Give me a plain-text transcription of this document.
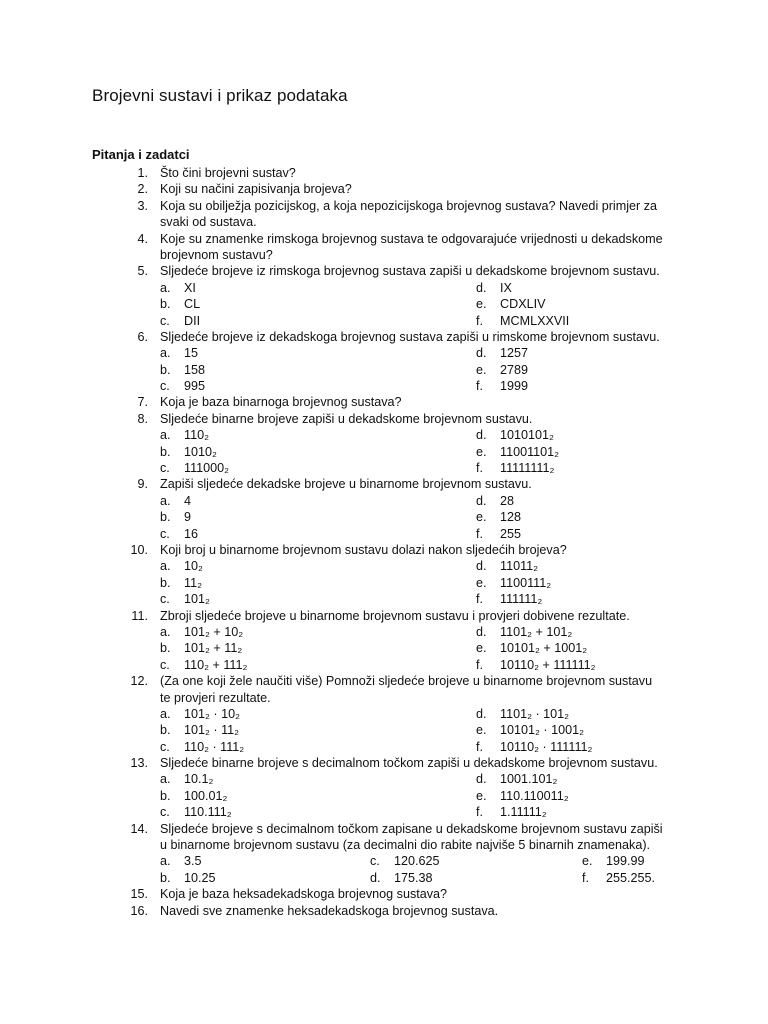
Brojevni sustavi i prikaz podataka
Pitanja i zadatci
1. Što čini brojevni sustav?
2. Koji su načini zapisivanja brojeva?
3. Koja su obilježja pozicijskog, a koja nepozicijskoga brojevnog sustava? Navedi primjer za
svaki od sustava.
4. Koje su znamenke rimskoga brojevnog sustava te odgovarajuće vrijednosti u dekadskome
brojevnom sustavu?
5. Sljedeće brojeve iz rimskoga brojevnog sustava zapiši u dekadskome brojevnom sustavu.
a.	XI	d.	IX
b.	CL	e.	CDXLIV
c.	DII	f.	MCMLXXVII
6. Sljedeće brojeve iz dekadskoga brojevnog sustava zapiši u rimskome brojevnom sustavu.
a.	15	d.	1257
b.	158	e.	2789
c.	995	f.	1999
7. Koja je baza binarnoga brojevnog sustava?
8. Sljedeće binarne brojeve zapiši u dekadskome brojevnom sustavu.
a.	110₂	d.	1010101₂
b.	1010₂	e.	11001101₂
c.	111000₂	f.	11111111₂
9. Zapiši sljedeće dekadske brojeve u binarnome brojevnom sustavu.
a.	4	d.	28
b.	9	e.	128
c.	16	f.	255
10. Koji broj u binarnome brojevnom sustavu dolazi nakon sljedećih brojeva?
a.	10₂	d.	11011₂
b.	11₂	e.	1100111₂
c.	101₂	f.	111111₂
11. Zbroji sljedeće brojeve u binarnome brojevnom sustavu i provjeri dobivene rezultate.
a.	101₂ + 10₂	d.	1101₂ + 101₂
b.	101₂ + 11₂	e.	10101₂ + 1001₂
c.	110₂ + 111₂	f.	10110₂ + 111111₂
12. (Za one koji žele naučiti više) Pomnoži sljedeće brojeve u binarnome brojevnom sustavu
te provjeri rezultate.
a.	101₂ · 10₂	d.	1101₂ · 101₂
b.	101₂ · 11₂	e.	10101₂ · 1001₂
c.	110₂ · 111₂	f.	10110₂ · 111111₂
13. Sljedeće binarne brojeve s decimalnom točkom zapiši u dekadskome brojevnom sustavu.
a.	10.1₂	d.	1001.101₂
b.	100.01₂	e.	110.110011₂
c.	110.111₂	f.	1.11111₂
14. Sljedeće brojeve s decimalnom točkom zapisane u dekadskome brojevnom sustavu zapiši
u binarnome brojevnom sustavu (za decimalni dio rabite najviše 5 binarnih znamenaka).
a. 3.5	c. 120.625	e. 199.99
b. 10.25	d. 175.38	f. 255.255.
15. Koja je baza heksadekadskoga brojevnog sustava?
16. Navedi sve znamenke heksadekadskoga brojevnog sustava.
